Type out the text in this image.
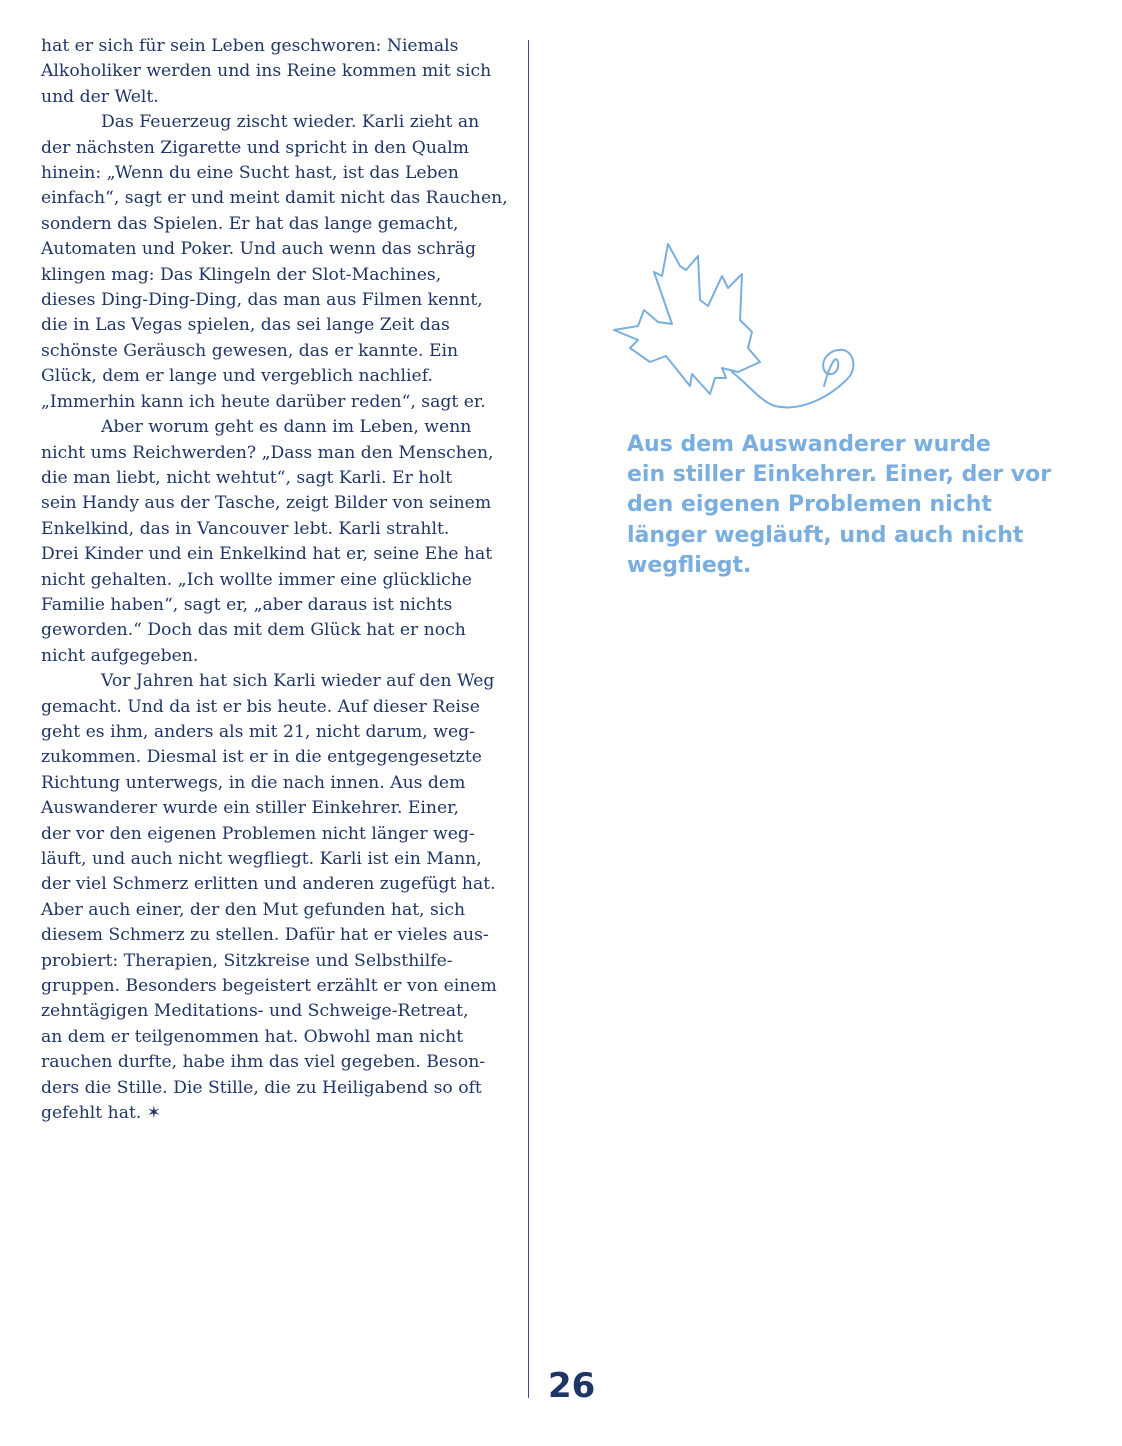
hat er sich für sein Leben geschworen: Niemals
Alkoholiker werden und ins Reine kommen mit sich
und der Welt.
Das Feuerzeug zischt wieder. Karli zieht an
der nächsten Zigarette und spricht in den Qualm
hinein: „Wenn du eine Sucht hast, ist das Leben
einfach“, sagt er und meint damit nicht das Rauchen,
sondern das Spielen. Er hat das lange gemacht,
Automaten und Poker. Und auch wenn das schräg
klingen mag: Das Klingeln der Slot-Machines,
dieses Ding-Ding-Ding, das man aus Filmen kennt,
die in Las Vegas spielen, das sei lange Zeit das
schönste Geräusch gewesen, das er kannte. Ein
Glück, dem er lange und vergeblich nachlief.
„Immerhin kann ich heute darüber reden“, sagt er.
Aber worum geht es dann im Leben, wenn
nicht ums Reichwerden? „Dass man den Menschen,
die man liebt, nicht wehtut“, sagt Karli. Er holt
sein Handy aus der Tasche, zeigt Bilder von seinem
Enkelkind, das in Vancouver lebt. Karli strahlt.
Drei Kinder und ein Enkelkind hat er, seine Ehe hat
nicht gehalten. „Ich wollte immer eine glückliche
Familie haben“, sagt er, „aber daraus ist nichts
geworden.“ Doch das mit dem Glück hat er noch
nicht aufgegeben.
Vor Jahren hat sich Karli wieder auf den Weg
gemacht. Und da ist er bis heute. Auf dieser Reise
geht es ihm, anders als mit 21, nicht darum, weg-
zukommen. Diesmal ist er in die entgegengesetzte
Richtung unterwegs, in die nach innen. Aus dem
Auswanderer wurde ein stiller Einkehrer. Einer,
der vor den eigenen Problemen nicht länger weg-
läuft, und auch nicht wegfliegt. Karli ist ein Mann,
der viel Schmerz erlitten und anderen zugefügt hat.
Aber auch einer, der den Mut gefunden hat, sich
diesem Schmerz zu stellen. Dafür hat er vieles aus-
probiert: Therapien, Sitzkreise und Selbsthilfe-
gruppen. Besonders begeistert erzählt er von einem
zehntägigen Meditations- und Schweige-Retreat,
an dem er teilgenommen hat. Obwohl man nicht
rauchen durfte, habe ihm das viel gegeben. Beson-
ders die Stille. Die Stille, die zu Heiligabend so oft
gefehlt hat. ✶
Aus dem Auswanderer wurde
ein stiller Einkehrer. Einer, der vor
den eigenen Problemen nicht
länger wegläuft, und auch nicht
wegfliegt.
26
